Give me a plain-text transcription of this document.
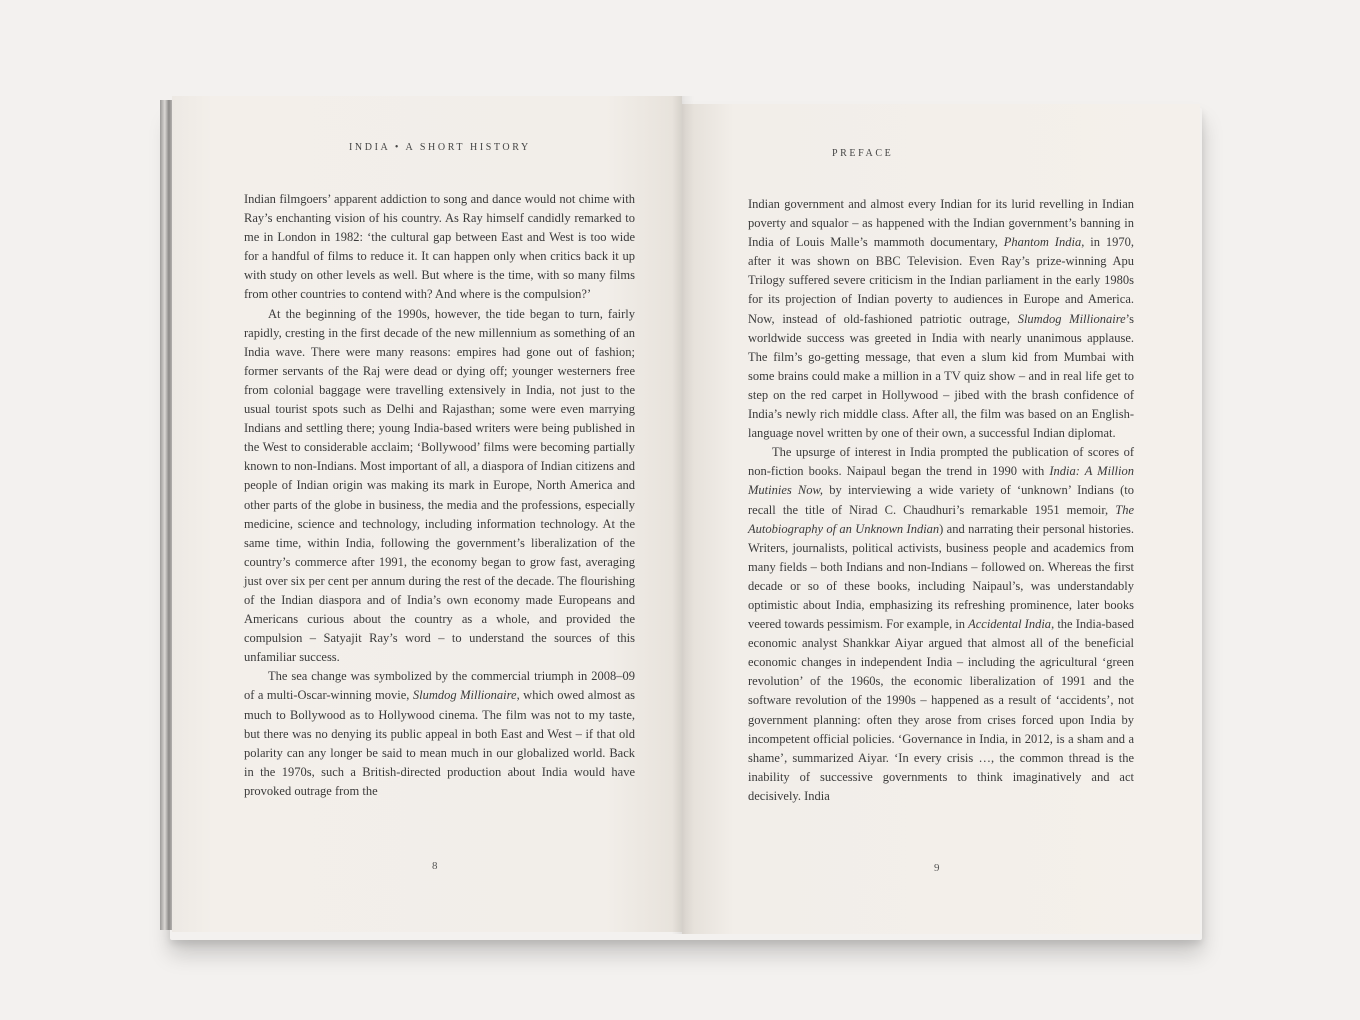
INDIA • A SHORT HISTORY
PREFACE

Indian filmgoers’ apparent addiction to song and dance would not chime with Ray’s enchanting vision of his country. As Ray himself candidly remarked to me in London in 1982: ‘the cultural gap between East and West is too wide for a handful of films to reduce it. It can happen only when critics back it up with study on other levels as well. But where is the time, with so many films from other countries to contend with? And where is the compulsion?’

At the beginning of the 1990s, however, the tide began to turn, fairly rapidly, cresting in the first decade of the new millennium as something of an India wave. There were many reasons: empires had gone out of fashion; former servants of the Raj were dead or dying off; younger westerners free from colonial baggage were travelling extensively in India, not just to the usual tourist spots such as Delhi and Rajasthan; some were even marrying Indians and settling there; young India-based writers were being published in the West to considerable acclaim; ‘Bollywood’ films were becoming partially known to non-Indians. Most important of all, a diaspora of Indian citizens and people of Indian origin was making its mark in Europe, North America and other parts of the globe in business, the media and the professions, especially medicine, science and technology, including information technology. At the same time, within India, following the government’s liberalization of the country’s commerce after 1991, the economy began to grow fast, averaging just over six per cent per annum during the rest of the decade. The flourishing of the Indian diaspora and of India’s own economy made Europeans and Americans curious about the country as a whole, and provided the compulsion – Satyajit Ray’s word – to understand the sources of this unfamiliar success.

The sea change was symbolized by the commercial triumph in 2008–09 of a multi-Oscar-winning movie, Slumdog Millionaire, which owed almost as much to Bollywood as to Hollywood cinema. The film was not to my taste, but there was no denying its public appeal in both East and West – if that old polarity can any longer be said to mean much in our globalized world. Back in the 1970s, such a British-directed production about India would have provoked outrage from the

Indian government and almost every Indian for its lurid revelling in Indian poverty and squalor – as happened with the Indian government’s banning in India of Louis Malle’s mammoth documentary, Phantom India, in 1970, after it was shown on BBC Television. Even Ray’s prize-winning Apu Trilogy suffered severe criticism in the Indian parliament in the early 1980s for its projection of Indian poverty to audiences in Europe and America. Now, instead of old-fashioned patriotic outrage, Slumdog Millionaire’s worldwide success was greeted in India with nearly unanimous applause. The film’s go-getting message, that even a slum kid from Mumbai with some brains could make a million in a TV quiz show – and in real life get to step on the red carpet in Hollywood – jibed with the brash confidence of India’s newly rich middle class. After all, the film was based on an English-language novel written by one of their own, a successful Indian diplomat.

The upsurge of interest in India prompted the publication of scores of non-fiction books. Naipaul began the trend in 1990 with India: A Million Mutinies Now, by interviewing a wide variety of ‘unknown’ Indians (to recall the title of Nirad C. Chaudhuri’s remarkable 1951 memoir, The Autobiography of an Unknown Indian) and narrating their personal histories. Writers, journalists, political activists, business people and academics from many fields – both Indians and non-Indians – followed on. Whereas the first decade or so of these books, including Naipaul’s, was understandably optimistic about India, emphasizing its refreshing prominence, later books veered towards pessimism. For example, in Accidental India, the India-based economic analyst Shankkar Aiyar argued that almost all of the beneficial economic changes in independent India – including the agricultural ‘green revolution’ of the 1960s, the economic liberalization of 1991 and the software revolution of the 1990s – happened as a result of ‘accidents’, not government planning: often they arose from crises forced upon India by incompetent official policies. ‘Governance in India, in 2012, is a sham and a shame’, summarized Aiyar. ‘In every crisis …, the common thread is the inability of successive governments to think imaginatively and act decisively. India

8	9
